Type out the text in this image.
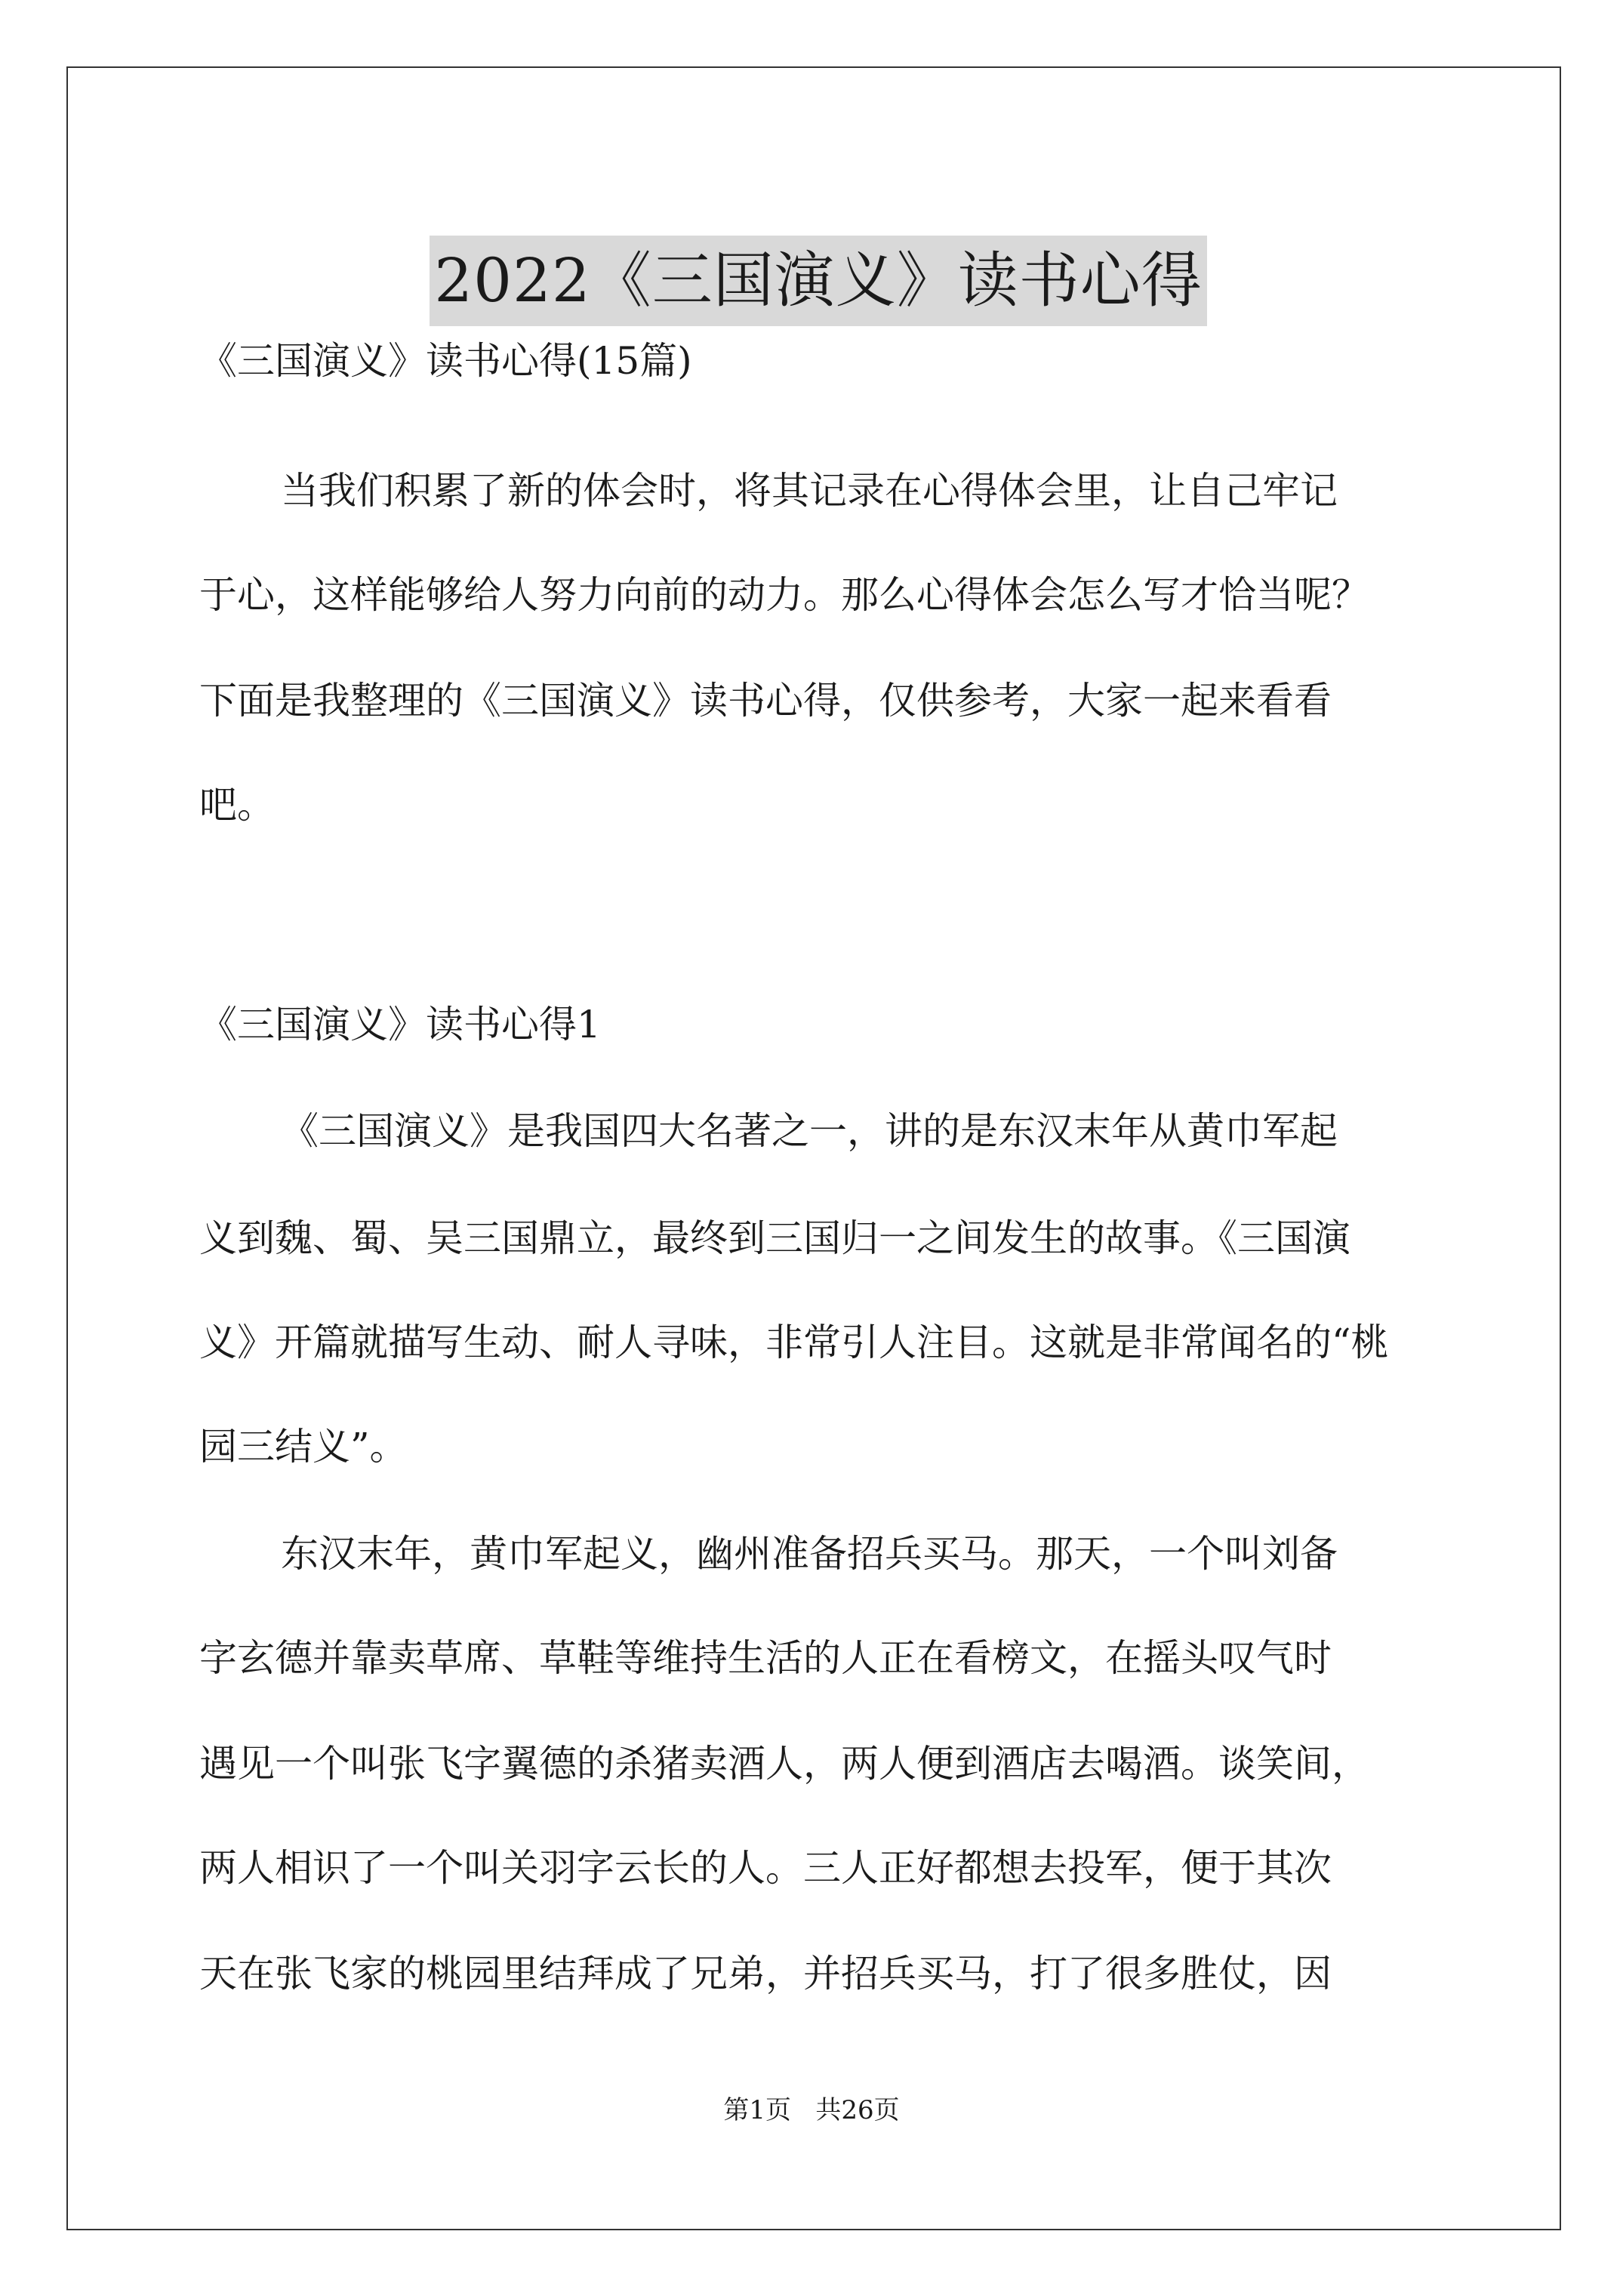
2022《三国演义》读书心得
《三国演义》读书心得(15篇)
当我们积累了新的体会时，将其记录在心得体会里，让自己牢记
于心，这样能够给人努力向前的动力。那么心得体会怎么写才恰当呢？
下面是我整理的《三国演义》读书心得，仅供参考，大家一起来看看
吧。
《三国演义》读书心得1
《三国演义》是我国四大名著之一，讲的是东汉末年从黄巾军起
义到魏、蜀、吴三国鼎立，最终到三国归一之间发生的故事。《三国演
义》开篇就描写生动、耐人寻味，非常引人注目。这就是非常闻名的“桃
园三结义”。
东汉末年，黄巾军起义，幽州准备招兵买马。那天，一个叫刘备
字玄德并靠卖草席、草鞋等维持生活的人正在看榜文，在摇头叹气时
遇见一个叫张飞字翼德的杀猪卖酒人，两人便到酒店去喝酒。谈笑间，
两人相识了一个叫关羽字云长的人。三人正好都想去投军，便于其次
天在张飞家的桃园里结拜成了兄弟，并招兵买马，打了很多胜仗，因
第1页 共26页
